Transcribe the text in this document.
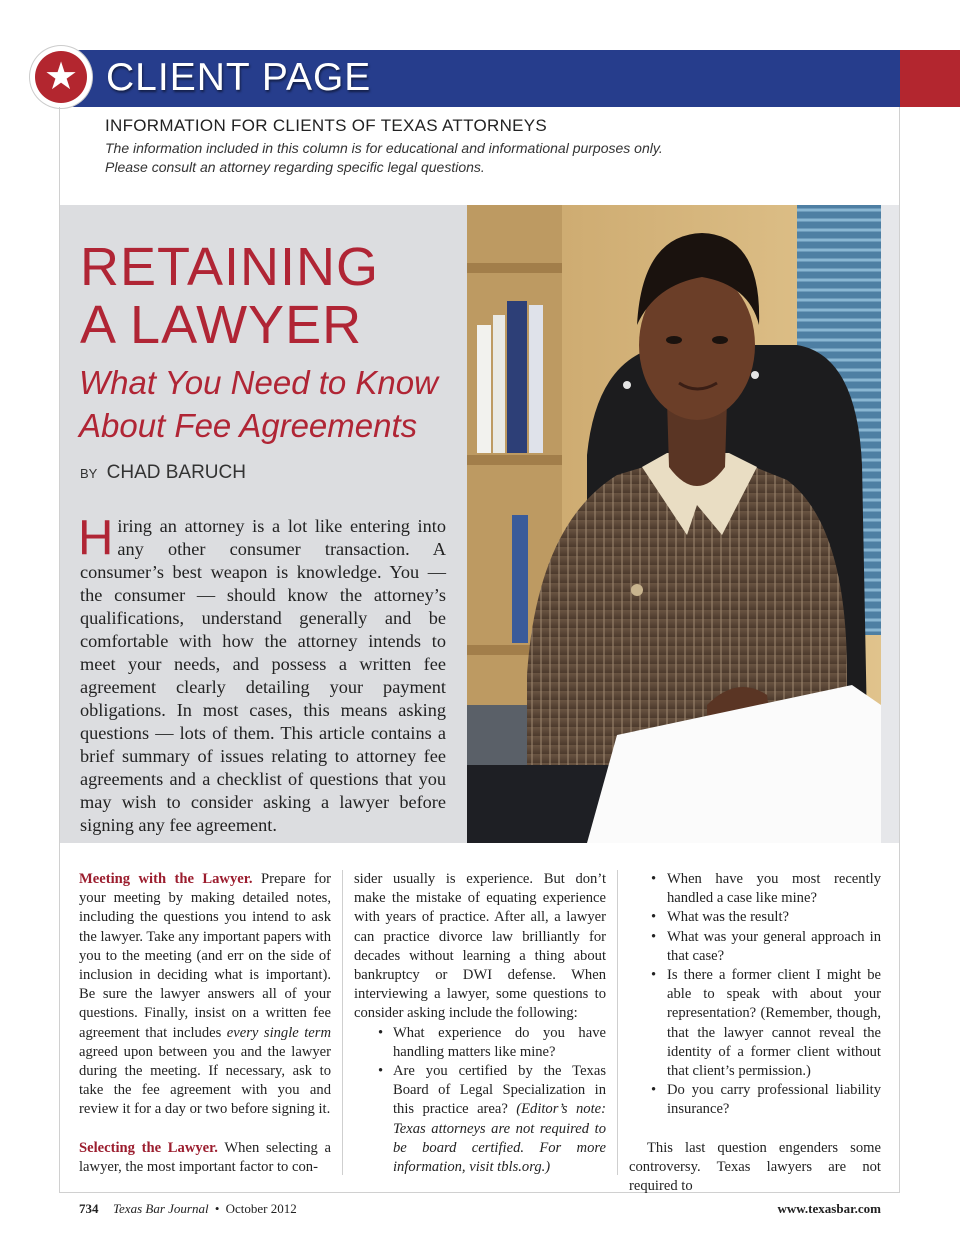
★ CLIENT PAGE
INFORMATION FOR CLIENTS OF TEXAS ATTORNEYS
The information included in this column is for educational and informational purposes only.
Please consult an attorney regarding specific legal questions.
RETAINING
A LAWYER
What You Need to Know
About Fee Agreements
BY CHAD BARUCH
Hiring an attorney is a lot like entering into any other consumer transaction. A consumer’s best weapon is knowledge. You — the consumer — should know the attorney’s qualifications, understand generally and be comfortable with how the attorney intends to meet your needs, and possess a written fee agreement clearly detailing your payment obligations. In most cases, this means asking questions — lots of them. This article contains a brief summary of issues relating to attorney fee agreements and a checklist of questions that you may wish to consider asking a lawyer before signing any fee agreement.

Meeting with the Lawyer. Prepare for your meeting by making detailed notes, including the questions you intend to ask the lawyer. Take any important papers with you to the meeting (and err on the side of inclusion in deciding what is important). Be sure the lawyer answers all of your questions. Finally, insist on a written fee agreement that includes every single term agreed upon between you and the lawyer during the meeting. If necessary, ask to take the fee agreement with you and review it for a day or two before signing it.

Selecting the Lawyer. When selecting a lawyer, the most important factor to con-

sider usually is experience. But don’t make the mistake of equating experience with years of practice. After all, a lawyer can practice divorce law brilliantly for decades without learning a thing about bankruptcy or DWI defense. When interviewing a lawyer, some questions to consider asking include the following:

• What experience do you have handling matters like mine?
• Are you certified by the Texas Board of Legal Specialization in this practice area? (Editor’s note: Texas attorneys are not required to be board certified. For more information, visit tbls.org.)
• When have you most recently handled a case like mine?
• What was the result?
• What was your general approach in that case?
• Is there a former client I might be able to speak with about your representation? (Remember, though, that the lawyer cannot reveal the identity of a former client without that client’s permission.)
• Do you carry professional liability insurance?

This last question engenders some controversy. Texas lawyers are not required to

734 Texas Bar Journal • October 2012	www.texasbar.com
